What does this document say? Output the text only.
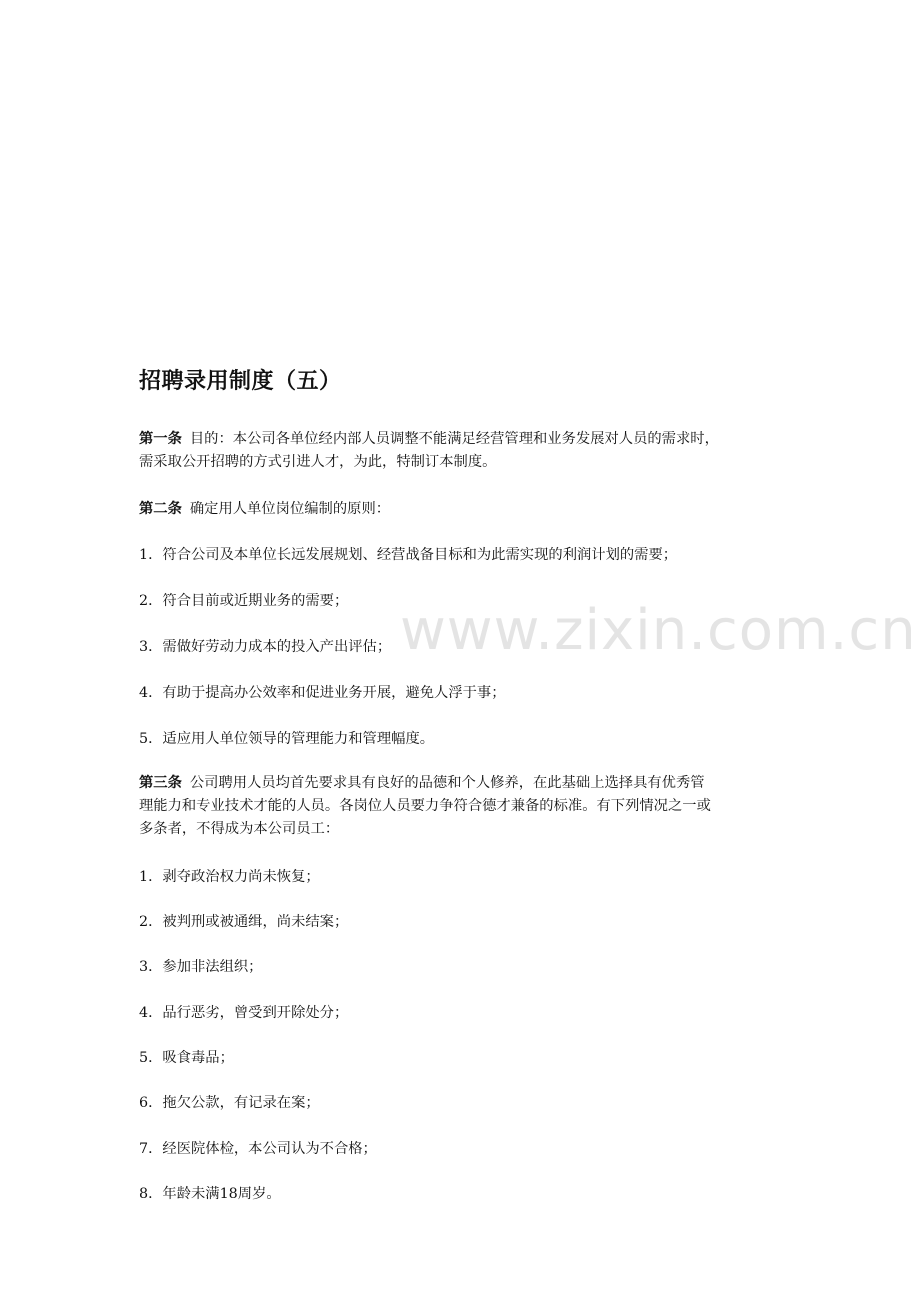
www.zixin.com.cn
招聘录用制度（五）
第一条 目的：本公司各单位经内部人员调整不能满足经营管理和业务发展对人员的需求时，
需采取公开招聘的方式引进人才，为此，特制订本制度。
第二条 确定用人单位岗位编制的原则：
1．符合公司及本单位长远发展规划、经营战备目标和为此需实现的利润计划的需要；
2．符合目前或近期业务的需要；
3．需做好劳动力成本的投入产出评估；
4．有助于提高办公效率和促进业务开展，避免人浮于事；
5．适应用人单位领导的管理能力和管理幅度。
第三条 公司聘用人员均首先要求具有良好的品德和个人修养，在此基础上选择具有优秀管
理能力和专业技术才能的人员。各岗位人员要力争符合德才兼备的标准。有下列情况之一或
多条者，不得成为本公司员工：
1．剥夺政治权力尚未恢复；
2．被判刑或被通缉，尚未结案；
3．参加非法组织；
4．品行恶劣，曾受到开除处分；
5．吸食毒品；
6．拖欠公款，有记录在案；
7．经医院体检，本公司认为不合格；
8．年龄未满18周岁。
